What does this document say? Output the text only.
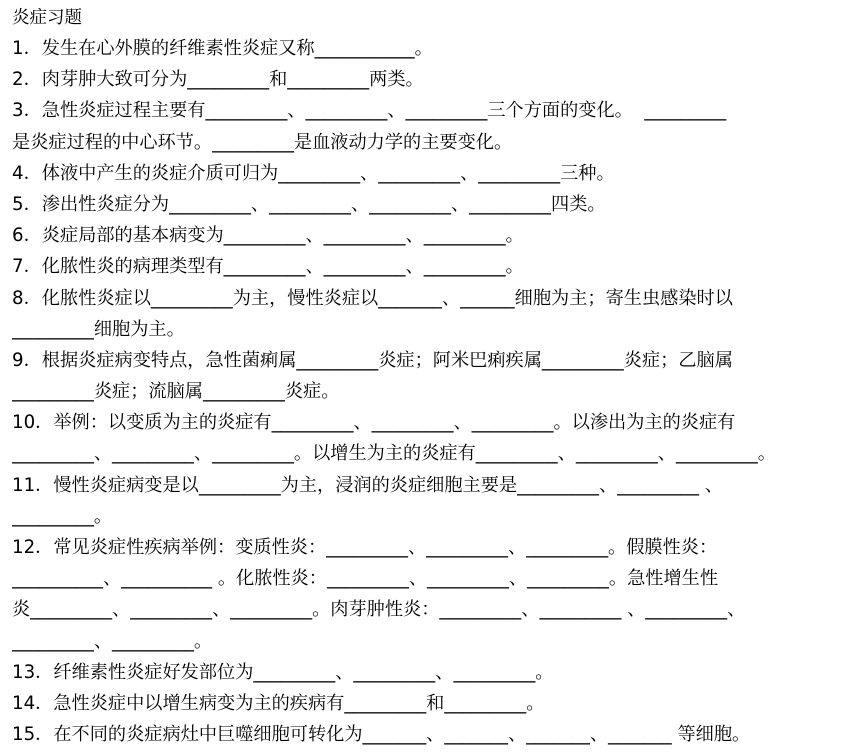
炎症习题
1．发生在心外膜的纤维素性炎症又称___________。
2．肉芽肿大致可分为_________和_________两类。
3．急性炎症过程主要有_________、_________、_________三个方面的变化。  _________
是炎症过程的中心环节。_________是血液动力学的主要变化。
4．体液中产生的炎症介质可归为_________、_________、_________三种。
5．渗出性炎症分为_________、_________、_________、_________四类。
6．炎症局部的基本病变为_________、_________、_________。
7．化脓性炎的病理类型有_________、_________、_________。
8．化脓性炎症以_________为主，慢性炎症以_______、______细胞为主；寄生虫感染时以
_________细胞为主。
9．根据炎症病变特点，急性菌痢属_________炎症；阿米巴痢疾属_________炎症；乙脑属
_________炎症；流脑属_________炎症。
10．举例：以变质为主的炎症有_________、_________、_________。以渗出为主的炎症有
_________、_________、_________。以增生为主的炎症有_________、_________、_________。
11．慢性炎症病变是以_________为主，浸润的炎症细胞主要是_________、_________ 、
_________。
12．常见炎症性疾病举例：变质性炎：_________、_________、_________。假膜性炎：
__________、__________ 。化脓性炎：_________、_________、_________。急性增生性
炎_________、_________、_________。肉芽肿性炎：_________、_________ 、_________、
_________、_________。
13．纤维素性炎症好发部位为_________、_________、_________。
14．急性炎症中以增生病变为主的疾病有_________和_________。
15．在不同的炎症病灶中巨噬细胞可转化为_______、_______、_______、_______ 等细胞。
